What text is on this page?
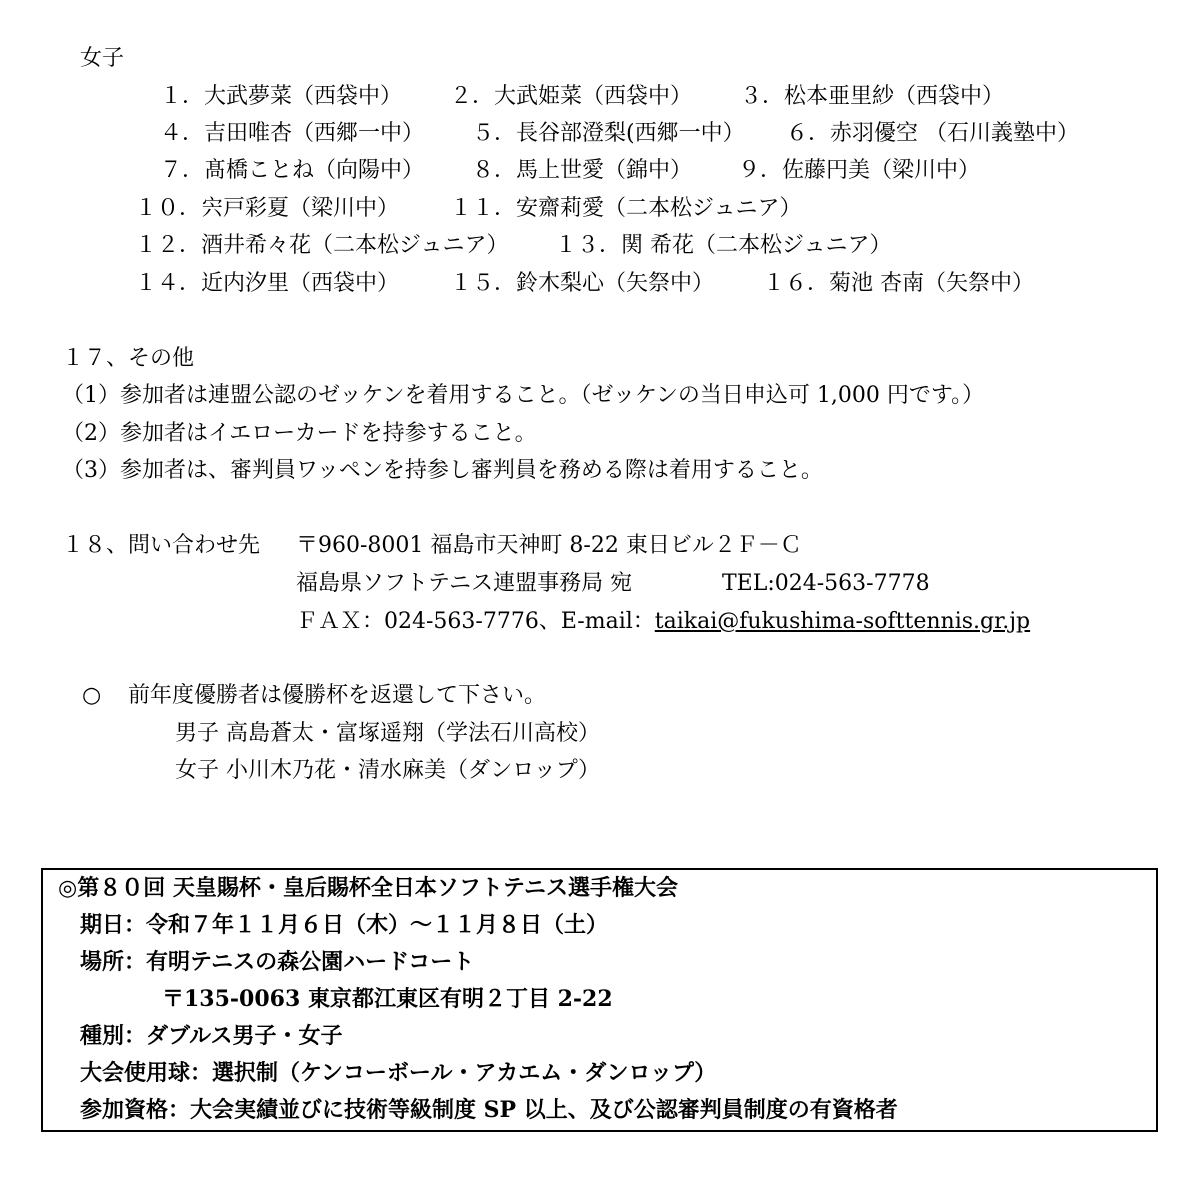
女子
１．大武夢菜（西袋中） ２．大武姫菜（西袋中） ３．松本亜里紗（西袋中）
４．吉田唯杏（西郷一中） ５．長谷部澄梨(西郷一中） ６．赤羽優空 （石川義塾中）
７．髙橋ことね（向陽中） ８．馬上世愛（錦中） ９．佐藤円美（梁川中）
１０．宍戸彩夏（梁川中） １１．安齋莉愛（二本松ジュニア）
１２．酒井希々花（二本松ジュニア） １３．関 希花（二本松ジュニア）
１４．近内汐里（西袋中） １５．鈴木梨心（矢祭中） １６．菊池 杏南（矢祭中）
１７、その他
（1）参加者は連盟公認のゼッケンを着用すること。（ゼッケンの当日申込可 1,000 円です。）
（2）参加者はイエローカードを持参すること。
（3）参加者は、審判員ワッペンを持参し審判員を務める際は着用すること。
１８、問い合わせ先 〒960-8001 福島市天神町 8-22 東日ビル２Ｆ－Ｃ
福島県ソフトテニス連盟事務局 宛	TEL:024-563-7778
ＦＡＸ：024-563-7776、E-mail：taikai@fukushima-softtennis.gr.jp
○ 前年度優勝者は優勝杯を返還して下さい。
男子 高島蒼太・富塚遥翔（学法石川高校）
女子 小川木乃花・清水麻美（ダンロップ）
◎第８０回 天皇賜杯・皇后賜杯全日本ソフトテニス選手権大会
期日：令和７年１１月６日（木）～１１月８日（土）
場所：有明テニスの森公園ハードコート
〒135-0063 東京都江東区有明２丁目 2-22
種別：ダブルス男子・女子
大会使用球：選択制（ケンコーボール・アカエム・ダンロップ）
参加資格：大会実績並びに技術等級制度 SP 以上、及び公認審判員制度の有資格者
